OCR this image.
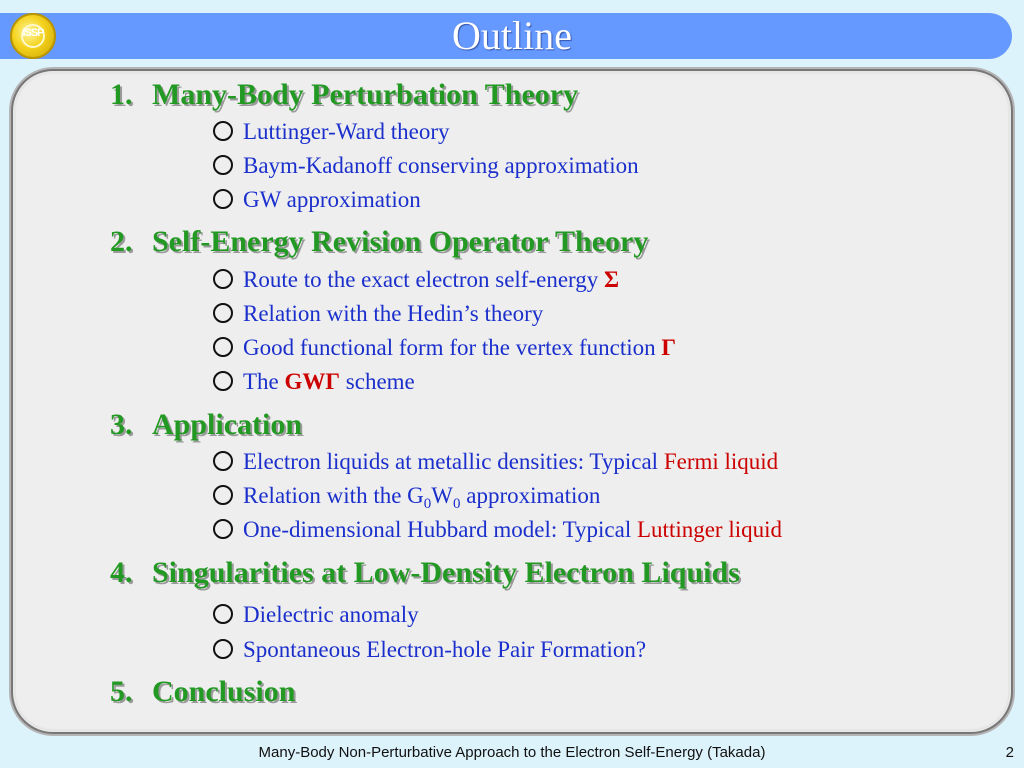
ISSP	Outline
1. Many-Body Perturbation Theory
Luttinger-Ward theory
Baym-Kadanoff conserving approximation
GW approximation
2. Self-Energy Revision Operator Theory
Route to the exact electron self-energy Σ
Relation with the Hedin’s theory
Good functional form for the vertex function Γ
The GWΓ scheme
3. Application
Electron liquids at metallic densities: Typical Fermi liquid
Relation with the $G_0W_0$ approximation
One-dimensional Hubbard model: Typical Luttinger liquid
4. Singularities at Low-Density Electron Liquids
Dielectric anomaly
Spontaneous Electron-hole Pair Formation?
5. Conclusion
Many-Body Non-Perturbative Approach to the Electron Self-Energy (Takada)	2
